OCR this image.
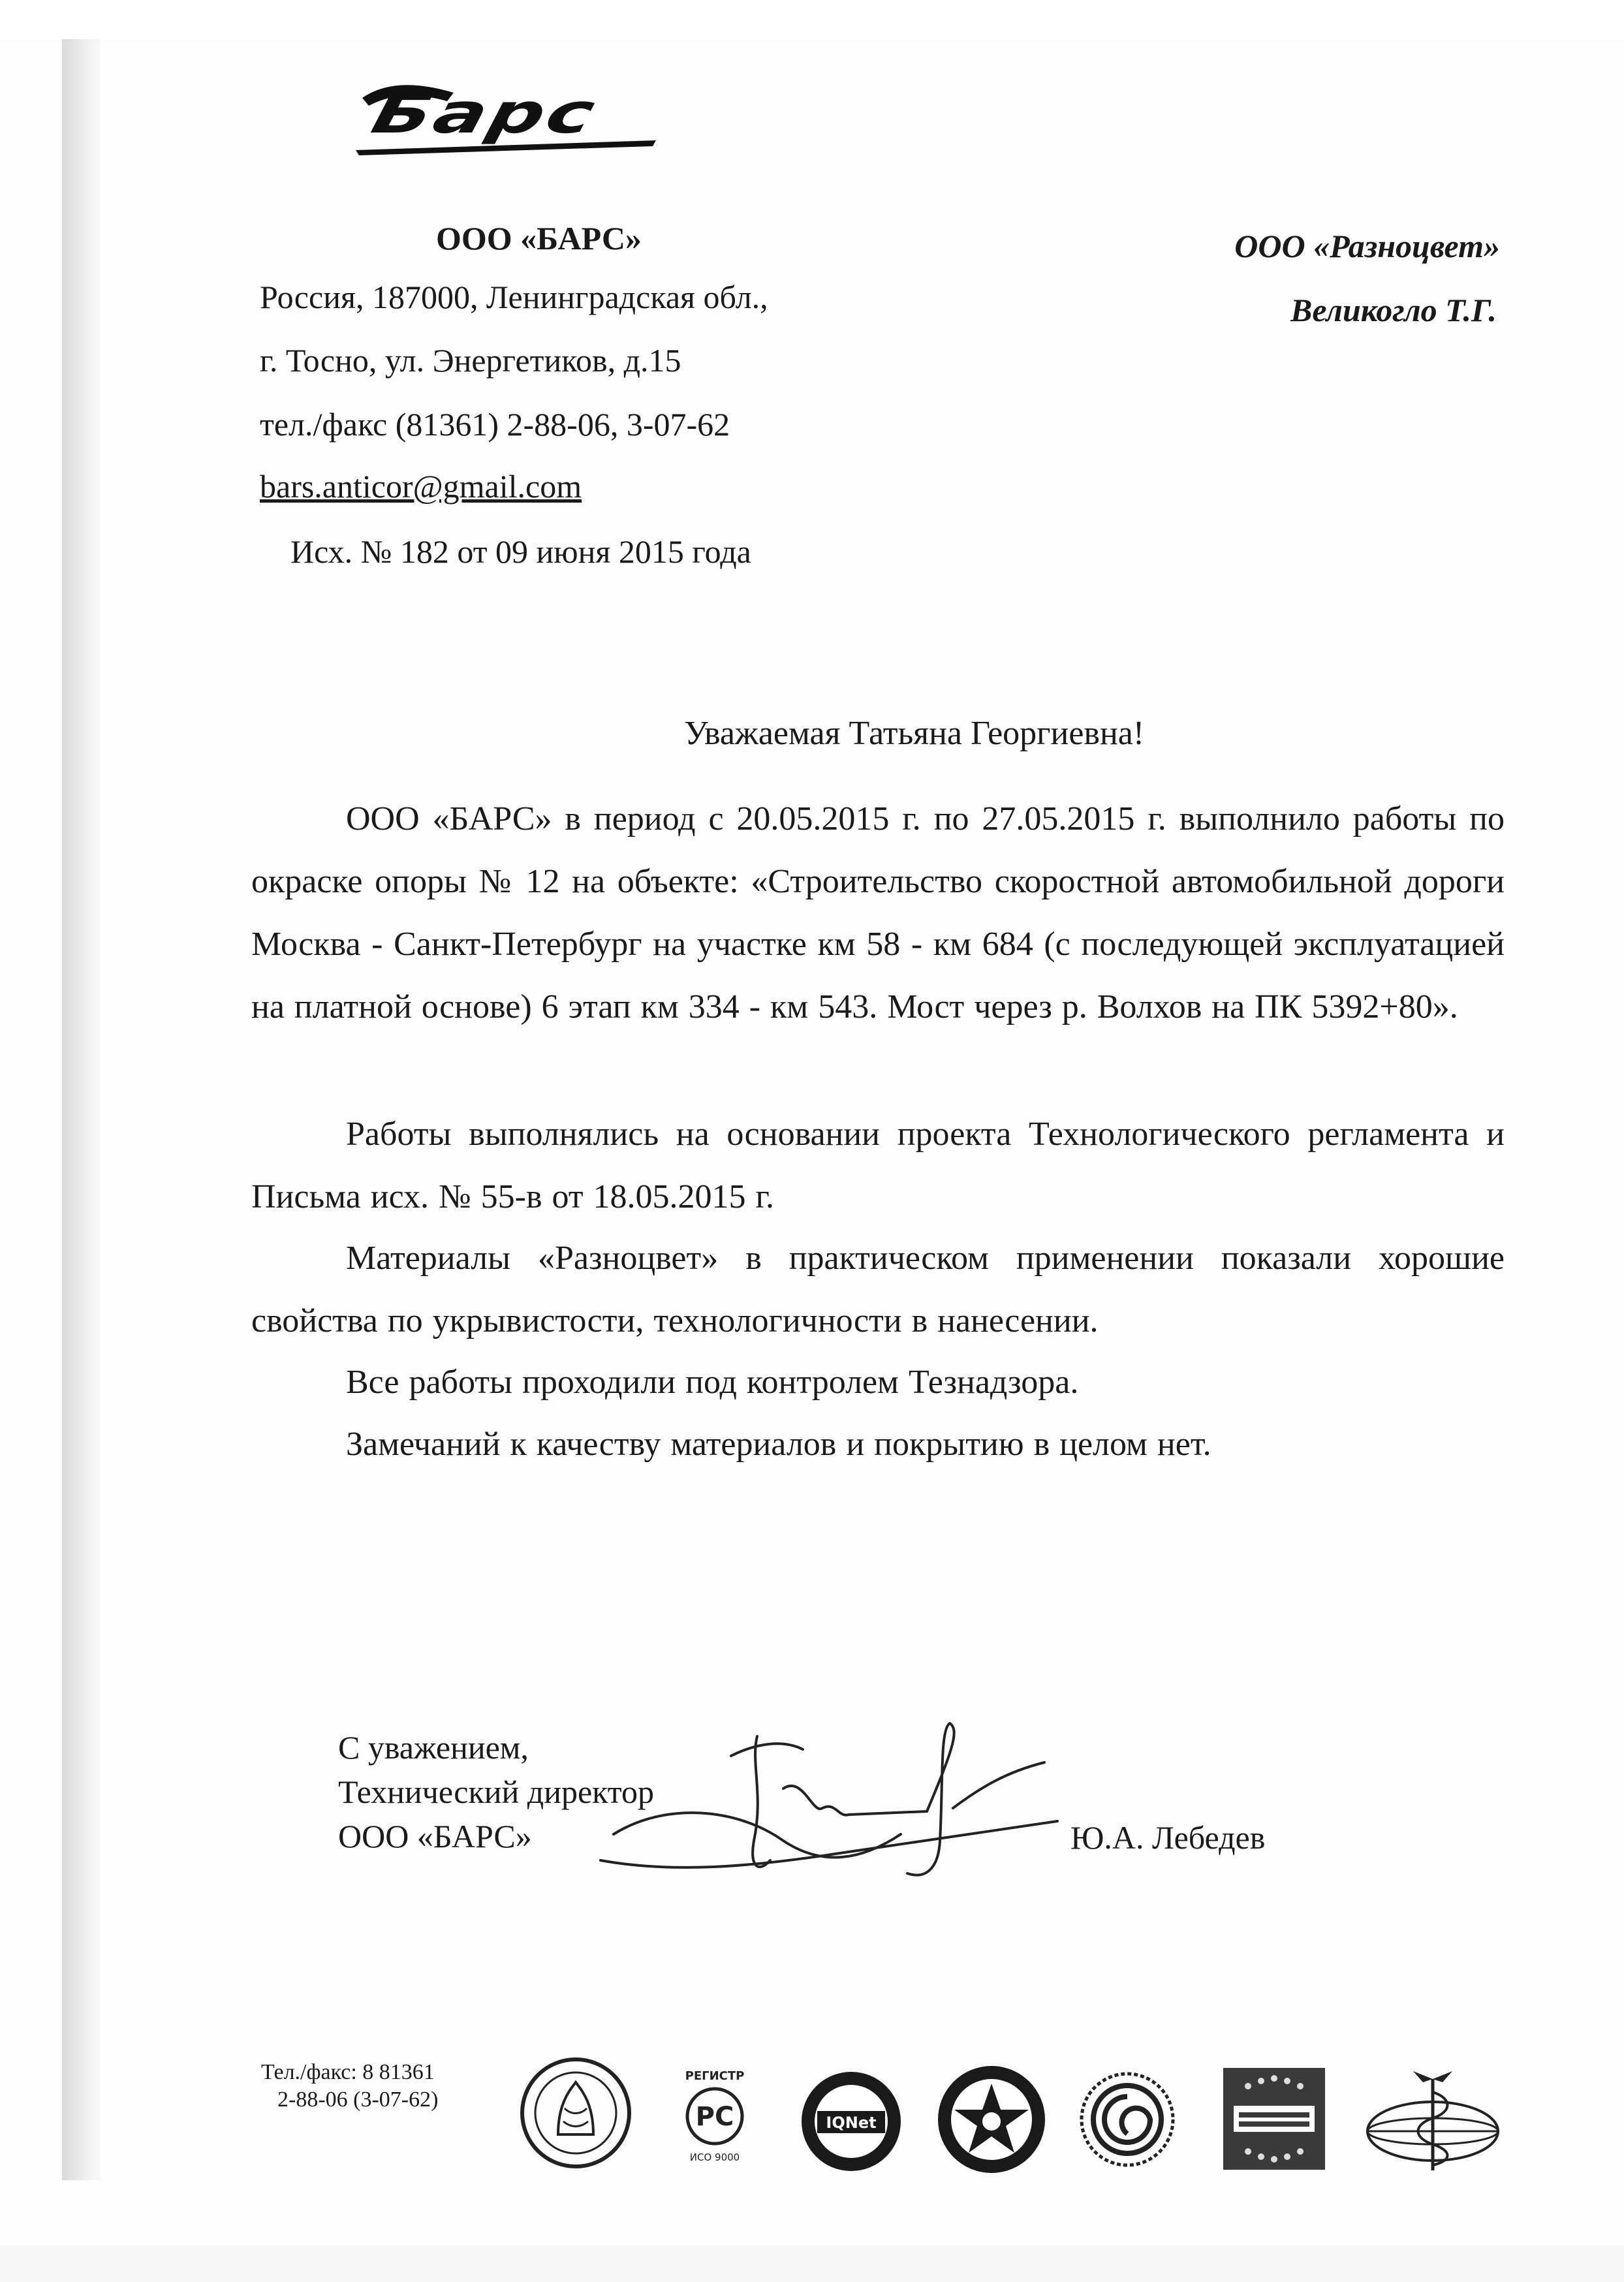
Барс
ООО «БАРС»
Россия, 187000, Ленинградская обл.,
г. Тосно, ул. Энергетиков, д.15
тел./факс (81361) 2-88-06, 3-07-62
bars.anticor@gmail.com
Исх. № 182 от 09 июня 2015 года
ООО «Разноцвет»
Великогло Т.Г.
Уважаемая Татьяна Георгиевна!
ООО «БАРС» в период с 20.05.2015 г. по 27.05.2015 г. выполнило работы по окраске опоры № 12 на объекте: «Строительство скоростной автомобильной дороги Москва - Санкт-Петербург на участке км 58 - км 684 (с последующей эксплуатацией на платной основе) 6 этап км 334 - км 543. Мост через р. Волхов на ПК 5392+80».
Работы выполнялись на основании проекта Технологического регламента и Письма исх. № 55-в от 18.05.2015 г.
Материалы «Разноцвет» в практическом применении показали хорошие свойства по укрывистости, технологичности в нанесении.
Все работы проходили под контролем Тезнадзора.
Замечаний к качеству материалов и покрытию в целом нет.
С уважением,
Технический директор
ООО «БАРС»	Ю.А. Лебедев
Тел./факс: 8 81361
2-88-06 (3-07-62)
РЕГИСТР
РС
ИСО 9000
IQNet
